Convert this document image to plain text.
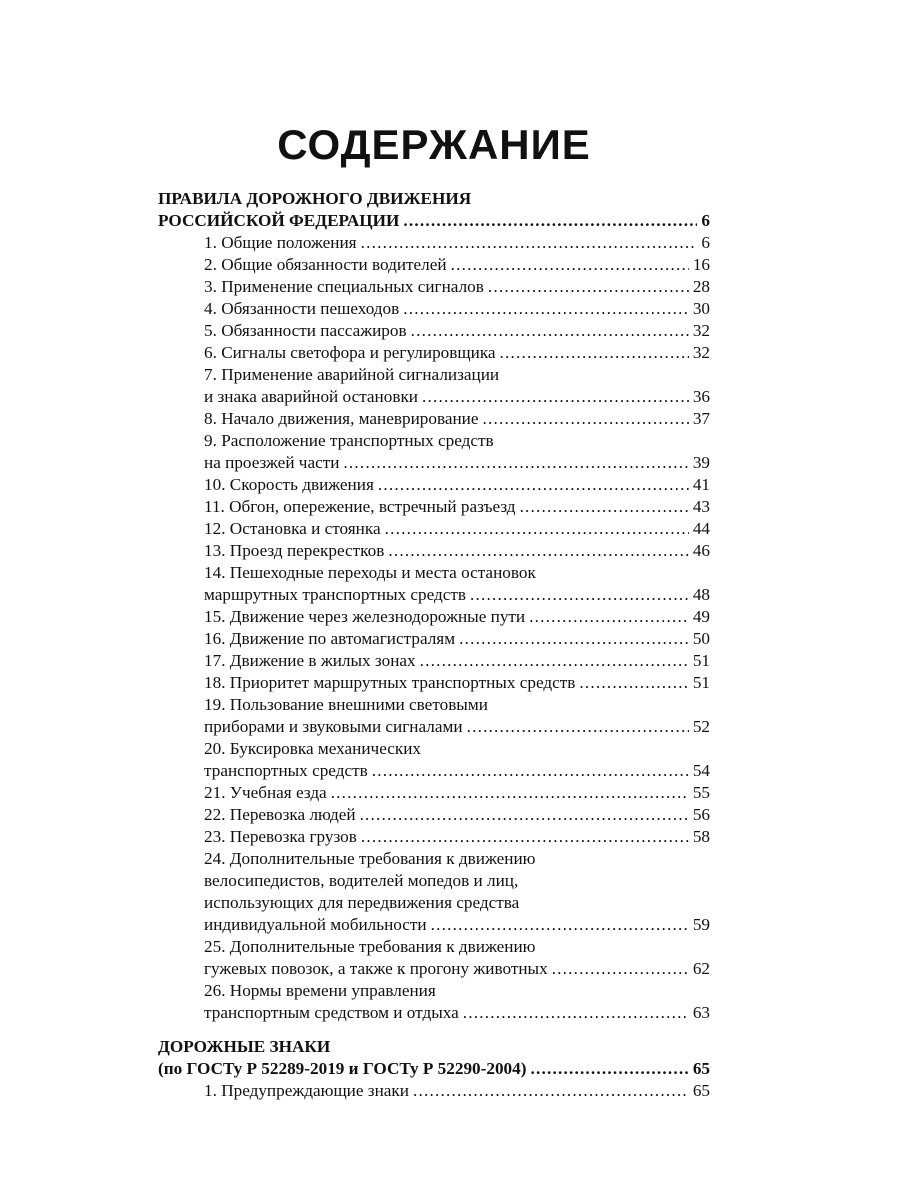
СОДЕРЖАНИЕ
ПРАВИЛА ДОРОЖНОГО ДВИЖЕНИЯ
РОССИЙСКОЙ ФЕДЕРАЦИИ .....	6
1. Общие положения .....	6
2. Общие обязанности водителей .....	16
3. Применение специальных сигналов .....	28
4. Обязанности пешеходов .....	30
5. Обязанности пассажиров .....	32
6. Сигналы светофора и регулировщика .....	32
7. Применение аварийной сигнализации
и знака аварийной остановки .....	36
8. Начало движения, маневрирование .....	37
9. Расположение транспортных средств
на проезжей части .....	39
10. Скорость движения .....	41
11. Обгон, опережение, встречный разъезд .....	43
12. Остановка и стоянка .....	44
13. Проезд перекрестков .....	46
14. Пешеходные переходы и места остановок
маршрутных транспортных средств .....	48
15. Движение через железнодорожные пути .....	49
16. Движение по автомагистралям .....	50
17. Движение в жилых зонах .....	51
18. Приоритет маршрутных транспортных средств .....	51
19. Пользование внешними световыми
приборами и звуковыми сигналами .....	52
20. Буксировка механических
транспортных средств .....	54
21. Учебная езда .....	55
22. Перевозка людей .....	56
23. Перевозка грузов .....	58
24. Дополнительные требования к движению
велосипедистов, водителей мопедов и лиц,
использующих для передвижения средства
индивидуальной мобильности .....	59
25. Дополнительные требования к движению
гужевых повозок, а также к прогону животных .....	62
26. Нормы времени управления
транспортным средством и отдыха .....	63
ДОРОЖНЫЕ ЗНАКИ
(по ГОСТу Р 52289-2019 и ГОСТу Р 52290-2004) .....	65
1. Предупреждающие знаки .....	65
